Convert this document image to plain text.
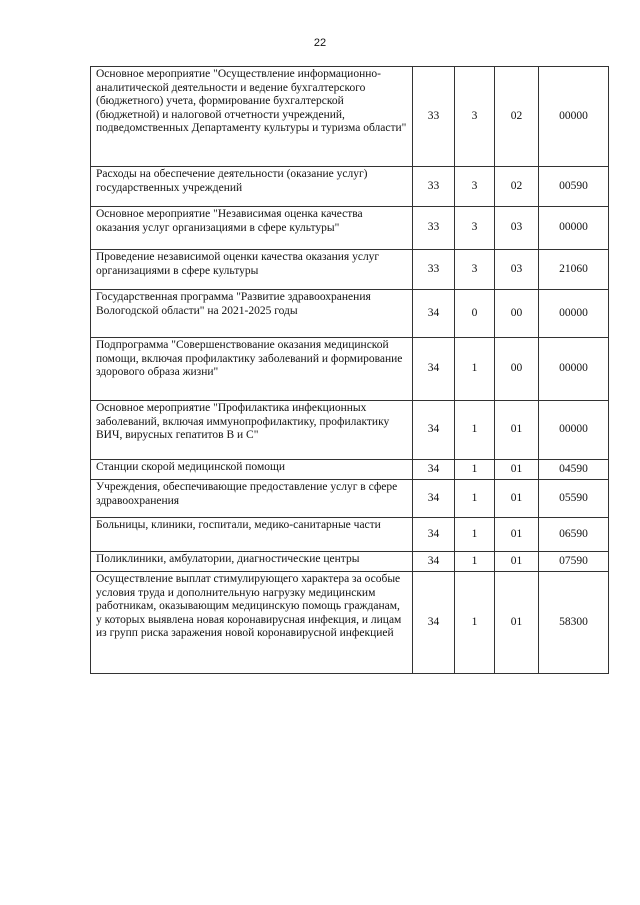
22
Основное мероприятие "Осуществление информационно-аналитической деятельности и ведение бухгалтерского (бюджетного) учета, формирование бухгалтерской (бюджетной) и налоговой отчетности учреждений, подведомственных Департаменту культуры и туризма области"	33	3	02	00000
Расходы на обеспечение деятельности (оказание услуг) государственных учреждений	33	3	02	00590
Основное мероприятие "Независимая оценка качества оказания услуг организациями в сфере культуры"	33	3	03	00000
Проведение независимой оценки качества оказания услуг организациями в сфере культуры	33	3	03	21060
Государственная программа "Развитие здравоохранения Вологодской области" на 2021-2025 годы	34	0	00	00000
Подпрограмма "Совершенствование оказания медицинской помощи, включая профилактику заболеваний и формирование здорового образа жизни"	34	1	00	00000
Основное мероприятие "Профилактика инфекционных заболеваний, включая иммунопрофилактику, профилактику ВИЧ, вирусных гепатитов В и С"	34	1	01	00000
Станции скорой медицинской помощи	34	1	01	04590
Учреждения, обеспечивающие предоставление услуг в сфере здравоохранения	34	1	01	05590
Больницы, клиники, госпитали, медико-санитарные части	34	1	01	06590
Поликлиники, амбулатории, диагностические центры	34	1	01	07590
Осуществление выплат стимулирующего характера за особые условия труда и дополнительную нагрузку медицинским работникам, оказывающим медицинскую помощь гражданам, у которых выявлена новая коронавирусная инфекция, и лицам из групп риска заражения новой коронавирусной инфекцией	34	1	01	58300
